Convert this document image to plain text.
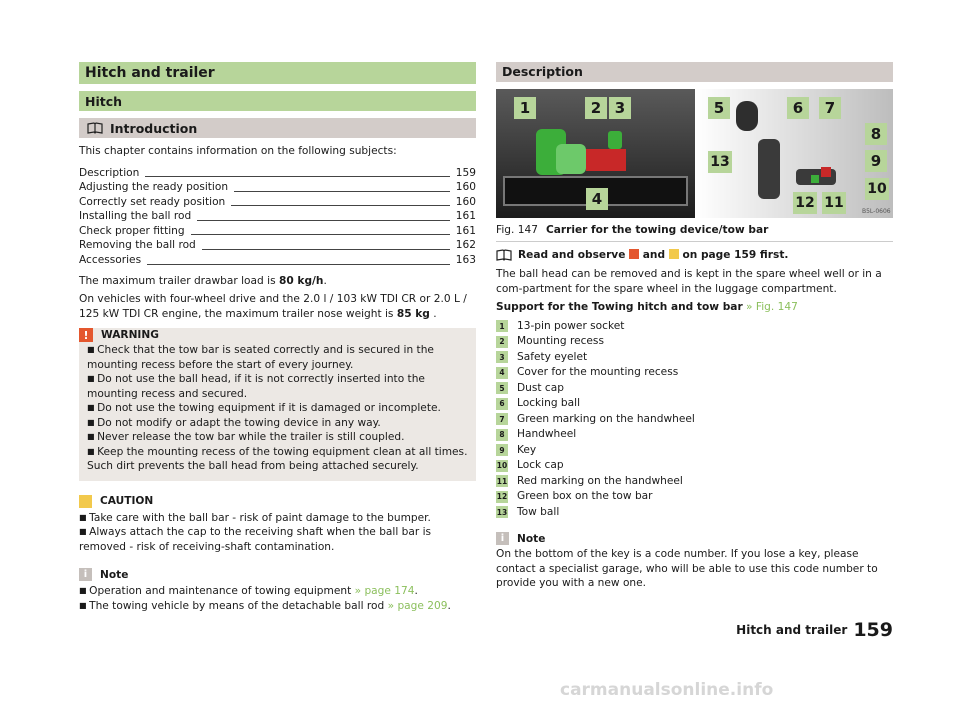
Hitch and trailer
Hitch
Introduction

This chapter contains information on the following subjects:

Description	159
Adjusting the ready position	160
Correctly set ready position	160
Installing the ball rod	161
Check proper fitting	161
Removing the ball rod	162
Accessories	163

The maximum trailer drawbar load is 80 kg/h.

On vehicles with four-wheel drive and the 2.0 l / 103 kW TDI CR or 2.0 L / 125 kW TDI CR engine, the maximum trailer nose weight is 85 kg .

!	WARNING

■ Check that the tow bar is seated correctly and is secured in the mounting recess before the start of every journey.

■ Do not use the ball head, if it is not correctly inserted into the mounting recess and secured.

■ Do not use the towing equipment if it is damaged or incomplete.

■ Do not modify or adapt the towing device in any way.

■ Never release the tow bar while the trailer is still coupled.

■ Keep the mounting recess of the towing equipment clean at all times. Such dirt prevents the ball head from being attached securely.

CAUTION

■ Take care with the ball bar - risk of paint damage to the bumper.

■ Always attach the cap to the receiving shaft when the ball bar is removed - risk of receiving-shaft contamination.

i	Note

■ Operation and maintenance of towing equipment » page 174.

■ The towing vehicle by means of the detachable ball rod » page 209.

Description
B5L-0606
1	2 3
4
5	6	7
8
9
10
11
12
13
Fig. 147 Carrier for the towing device/tow bar
Read and observe  and  on page 159 first.

The ball head can be removed and is kept in the spare wheel well or in a com-partment for the spare wheel in the luggage compartment.

Support for the Towing hitch and tow bar » Fig. 147

1	13-pin power socket
2	Mounting recess
3	Safety eyelet
4	Cover for the mounting recess
5	Dust cap
6	Locking ball
7	Green marking on the handwheel
8	Handwheel
9	Key
10 Lock cap
11 Red marking on the handwheel
12 Green box on the tow bar
13 Tow ball
i	Note

On the bottom of the key is a code number. If you lose a key, please contact a specialist garage, who will be able to use this code number to provide you with a new one.

Hitch and trailer 159
carmanualsonline.info
